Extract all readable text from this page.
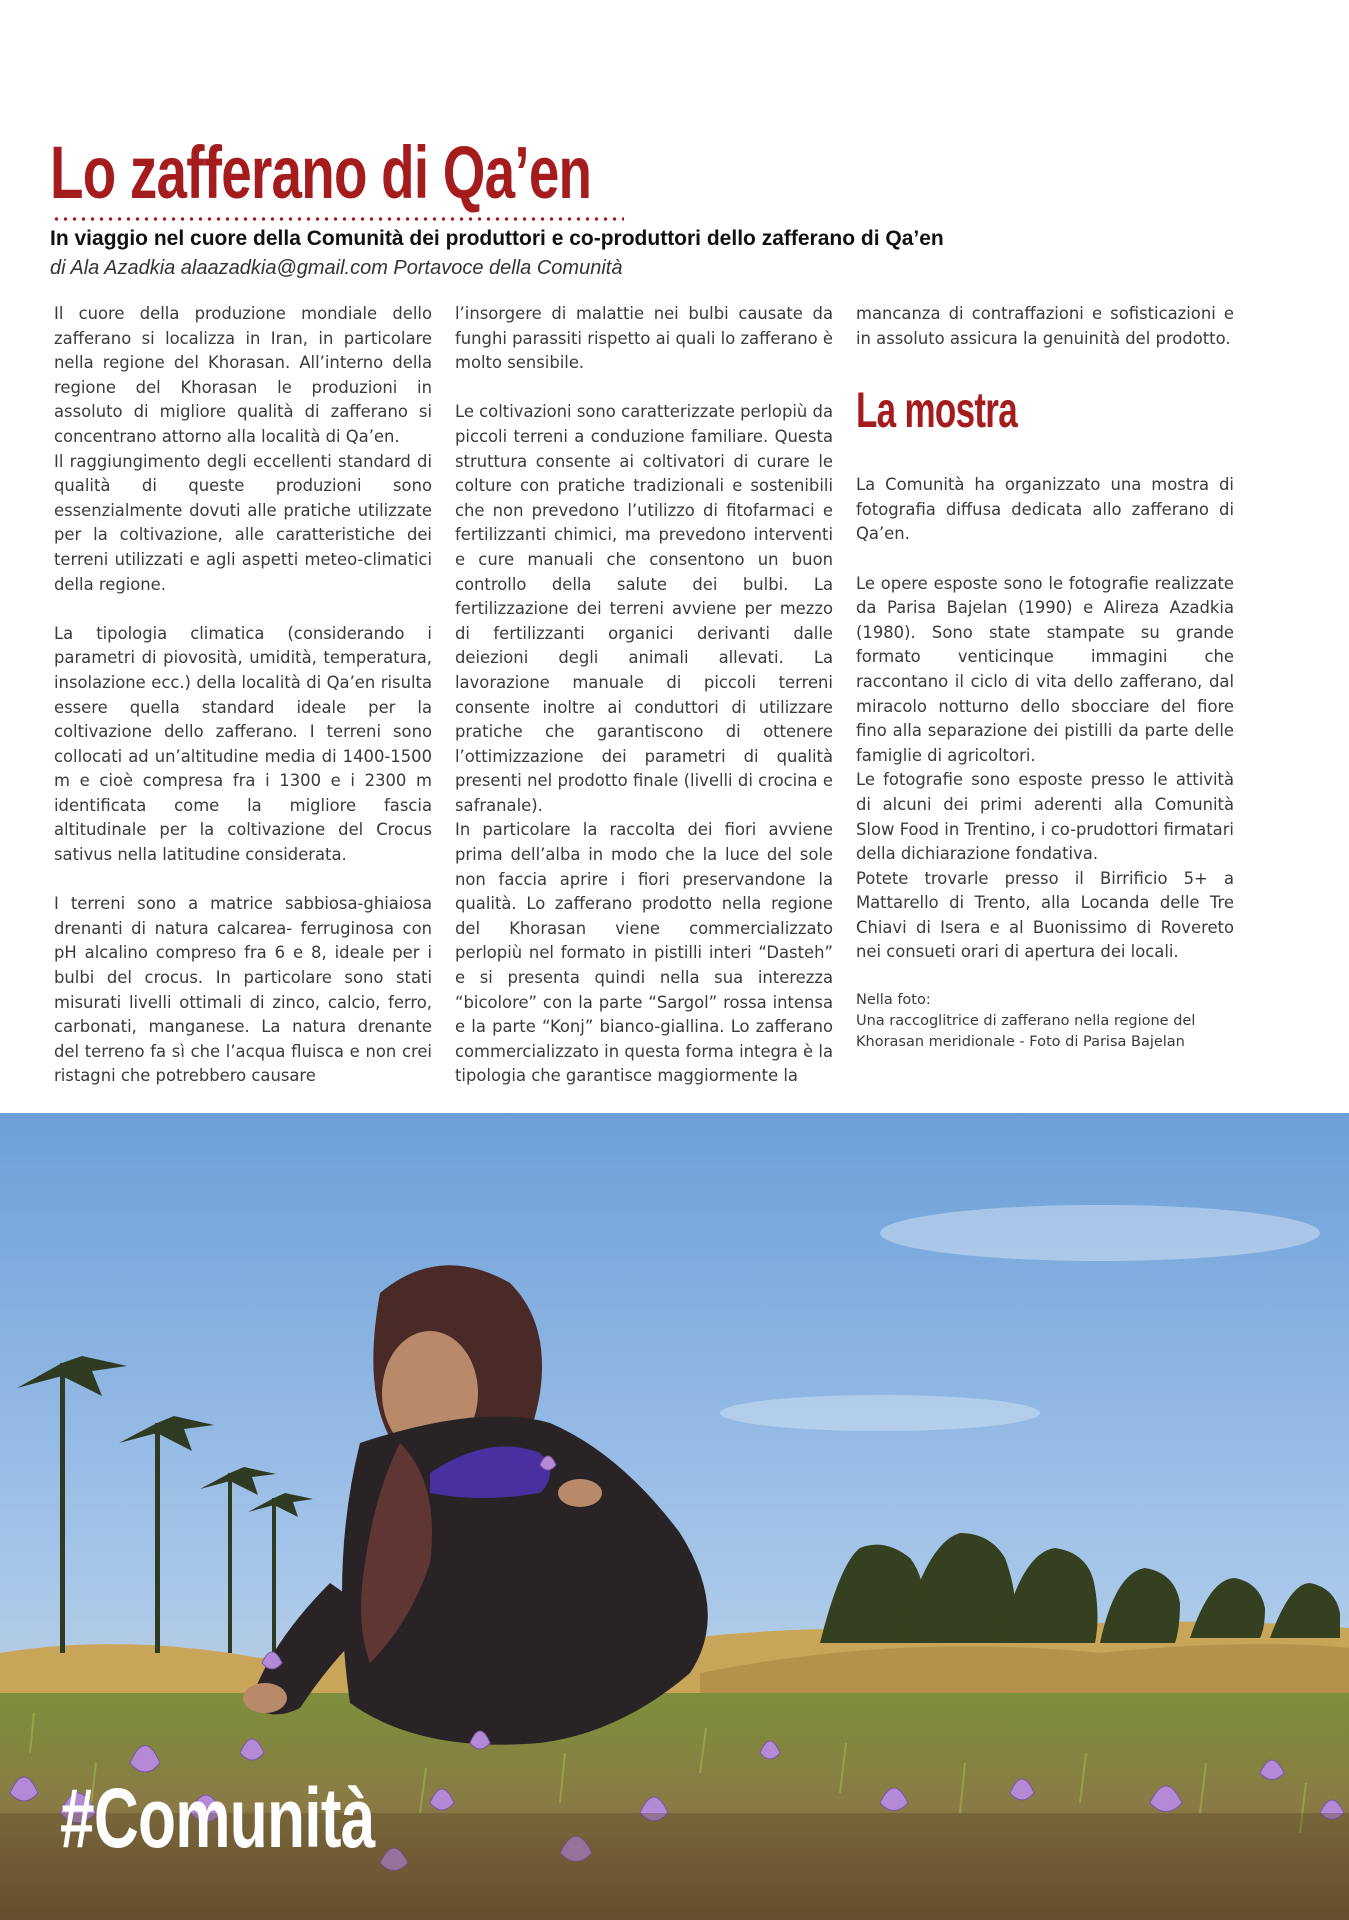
Lo zafferano di Qa’en

In viaggio nel cuore della Comunità dei produttori e co-produttori dello zafferano di Qa’en

di Ala Azadkia alaazadkia@gmail.com Portavoce della Comunità

Il cuore della produzione mondiale dello zafferano si localizza in Iran, in particolare nella regione del Khorasan. All’interno della regione del Khorasan le produzioni in assoluto di migliore qualità di zafferano si concentrano attorno alla località di Qa’en.

Il raggiungimento degli eccellenti standard di qualità di queste produzioni sono essenzialmente dovuti alle pratiche utilizzate per la coltivazione, alle caratteristiche dei terreni utilizzati e agli aspetti meteo-climatici della regione.

La tipologia climatica (considerando i parametri di piovosità, umidità, temperatura, insolazione ecc.) della località di Qa’en risulta essere quella standard ideale per la coltivazione dello zafferano. I terreni sono collocati ad un’altitudine media di 1400-1500 m e cioè compresa fra i 1300 e i 2300 m identificata come la migliore fascia altitudinale per la coltivazione del Crocus sativus nella latitudine considerata.

I terreni sono a matrice sabbiosa-ghiaiosa drenanti di natura calcarea- ferruginosa con pH alcalino compreso fra 6 e 8, ideale per i bulbi del crocus. In particolare sono stati misurati livelli ottimali di zinco, calcio, ferro, carbonati, manganese. La natura drenante del terreno fa sì che l’acqua fluisca e non crei ristagni che potrebbero causare

l’insorgere di malattie nei bulbi causate da funghi parassiti rispetto ai quali lo zafferano è molto sensibile.

Le coltivazioni sono caratterizzate perlopiù da piccoli terreni a conduzione familiare. Questa struttura consente ai coltivatori di curare le colture con pratiche tradizionali e sostenibili che non prevedono l’utilizzo di fitofarmaci e fertilizzanti chimici, ma prevedono interventi e cure manuali che consentono un buon controllo della salute dei bulbi. La fertilizzazione dei terreni avviene per mezzo di fertilizzanti organici derivanti dalle deiezioni degli animali allevati. La lavorazione manuale di piccoli terreni consente inoltre ai conduttori di utilizzare pratiche che garantiscono di ottenere l’ottimizzazione dei parametri di qualità presenti nel prodotto finale (livelli di crocina e safranale).

In particolare la raccolta dei fiori avviene prima dell’alba in modo che la luce del sole non faccia aprire i fiori preservandone la qualità. Lo zafferano prodotto nella regione del Khorasan viene commercializzato perlopiù nel formato in pistilli interi “Dasteh” e si presenta quindi nella sua interezza “bicolore” con la parte “Sargol” rossa intensa e la parte “Konj” bianco-giallina. Lo zafferano commercializzato in questa forma integra è la tipologia che garantisce maggiormente la

mancanza di contraffazioni e sofisticazioni e in assoluto assicura la genuinità del prodotto.

La mostra

La Comunità ha organizzato una mostra di fotografia diffusa dedicata allo zafferano di Qa’en.

Le opere esposte sono le fotografie realizzate da Parisa Bajelan (1990) e Alireza Azadkia (1980). Sono state stampate su grande formato venticinque immagini che raccontano il ciclo di vita dello zafferano, dal miracolo notturno dello sbocciare del fiore fino alla separazione dei pistilli da parte delle famiglie di agricoltori.

Le fotografie sono esposte presso le attività di alcuni dei primi aderenti alla Comunità Slow Food in Trentino, i co-prudottori firmatari della dichiarazione fondativa.

Potete trovarle presso il Birrificio 5+ a Mattarello di Trento, alla Locanda delle Tre Chiavi di Isera e al Buonissimo di Rovereto nei consueti orari di apertura dei locali.

Nella foto:
Una raccoglitrice di zafferano nella regione del Khorasan meridionale - Foto di Parisa Bajelan
#Comunità
